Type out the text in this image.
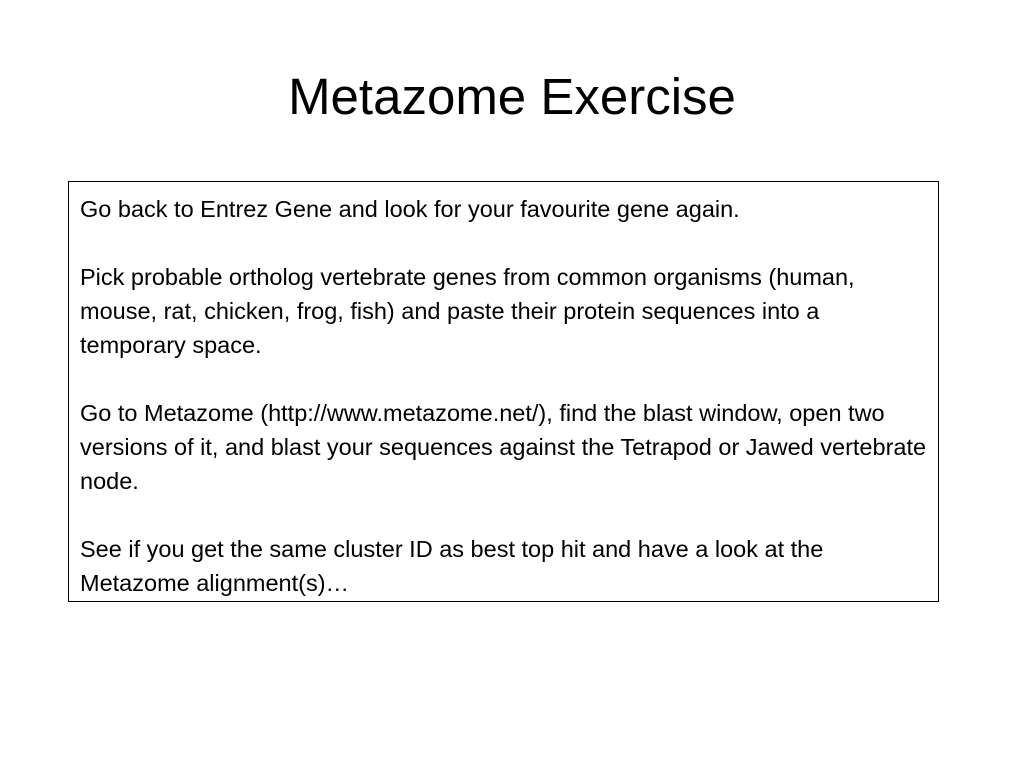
Metazome Exercise

Go back to Entrez Gene and look for your favourite gene again.

Pick probable ortholog vertebrate genes from common organisms (human, mouse, rat, chicken, frog, fish) and paste their protein sequences into a temporary space.

Go to Metazome (http://www.metazome.net/), find the blast window, open two versions of it, and blast your sequences against the Tetrapod or Jawed vertebrate node.

See if you get the same cluster ID as best top hit and have a look at the Metazome alignment(s)…
